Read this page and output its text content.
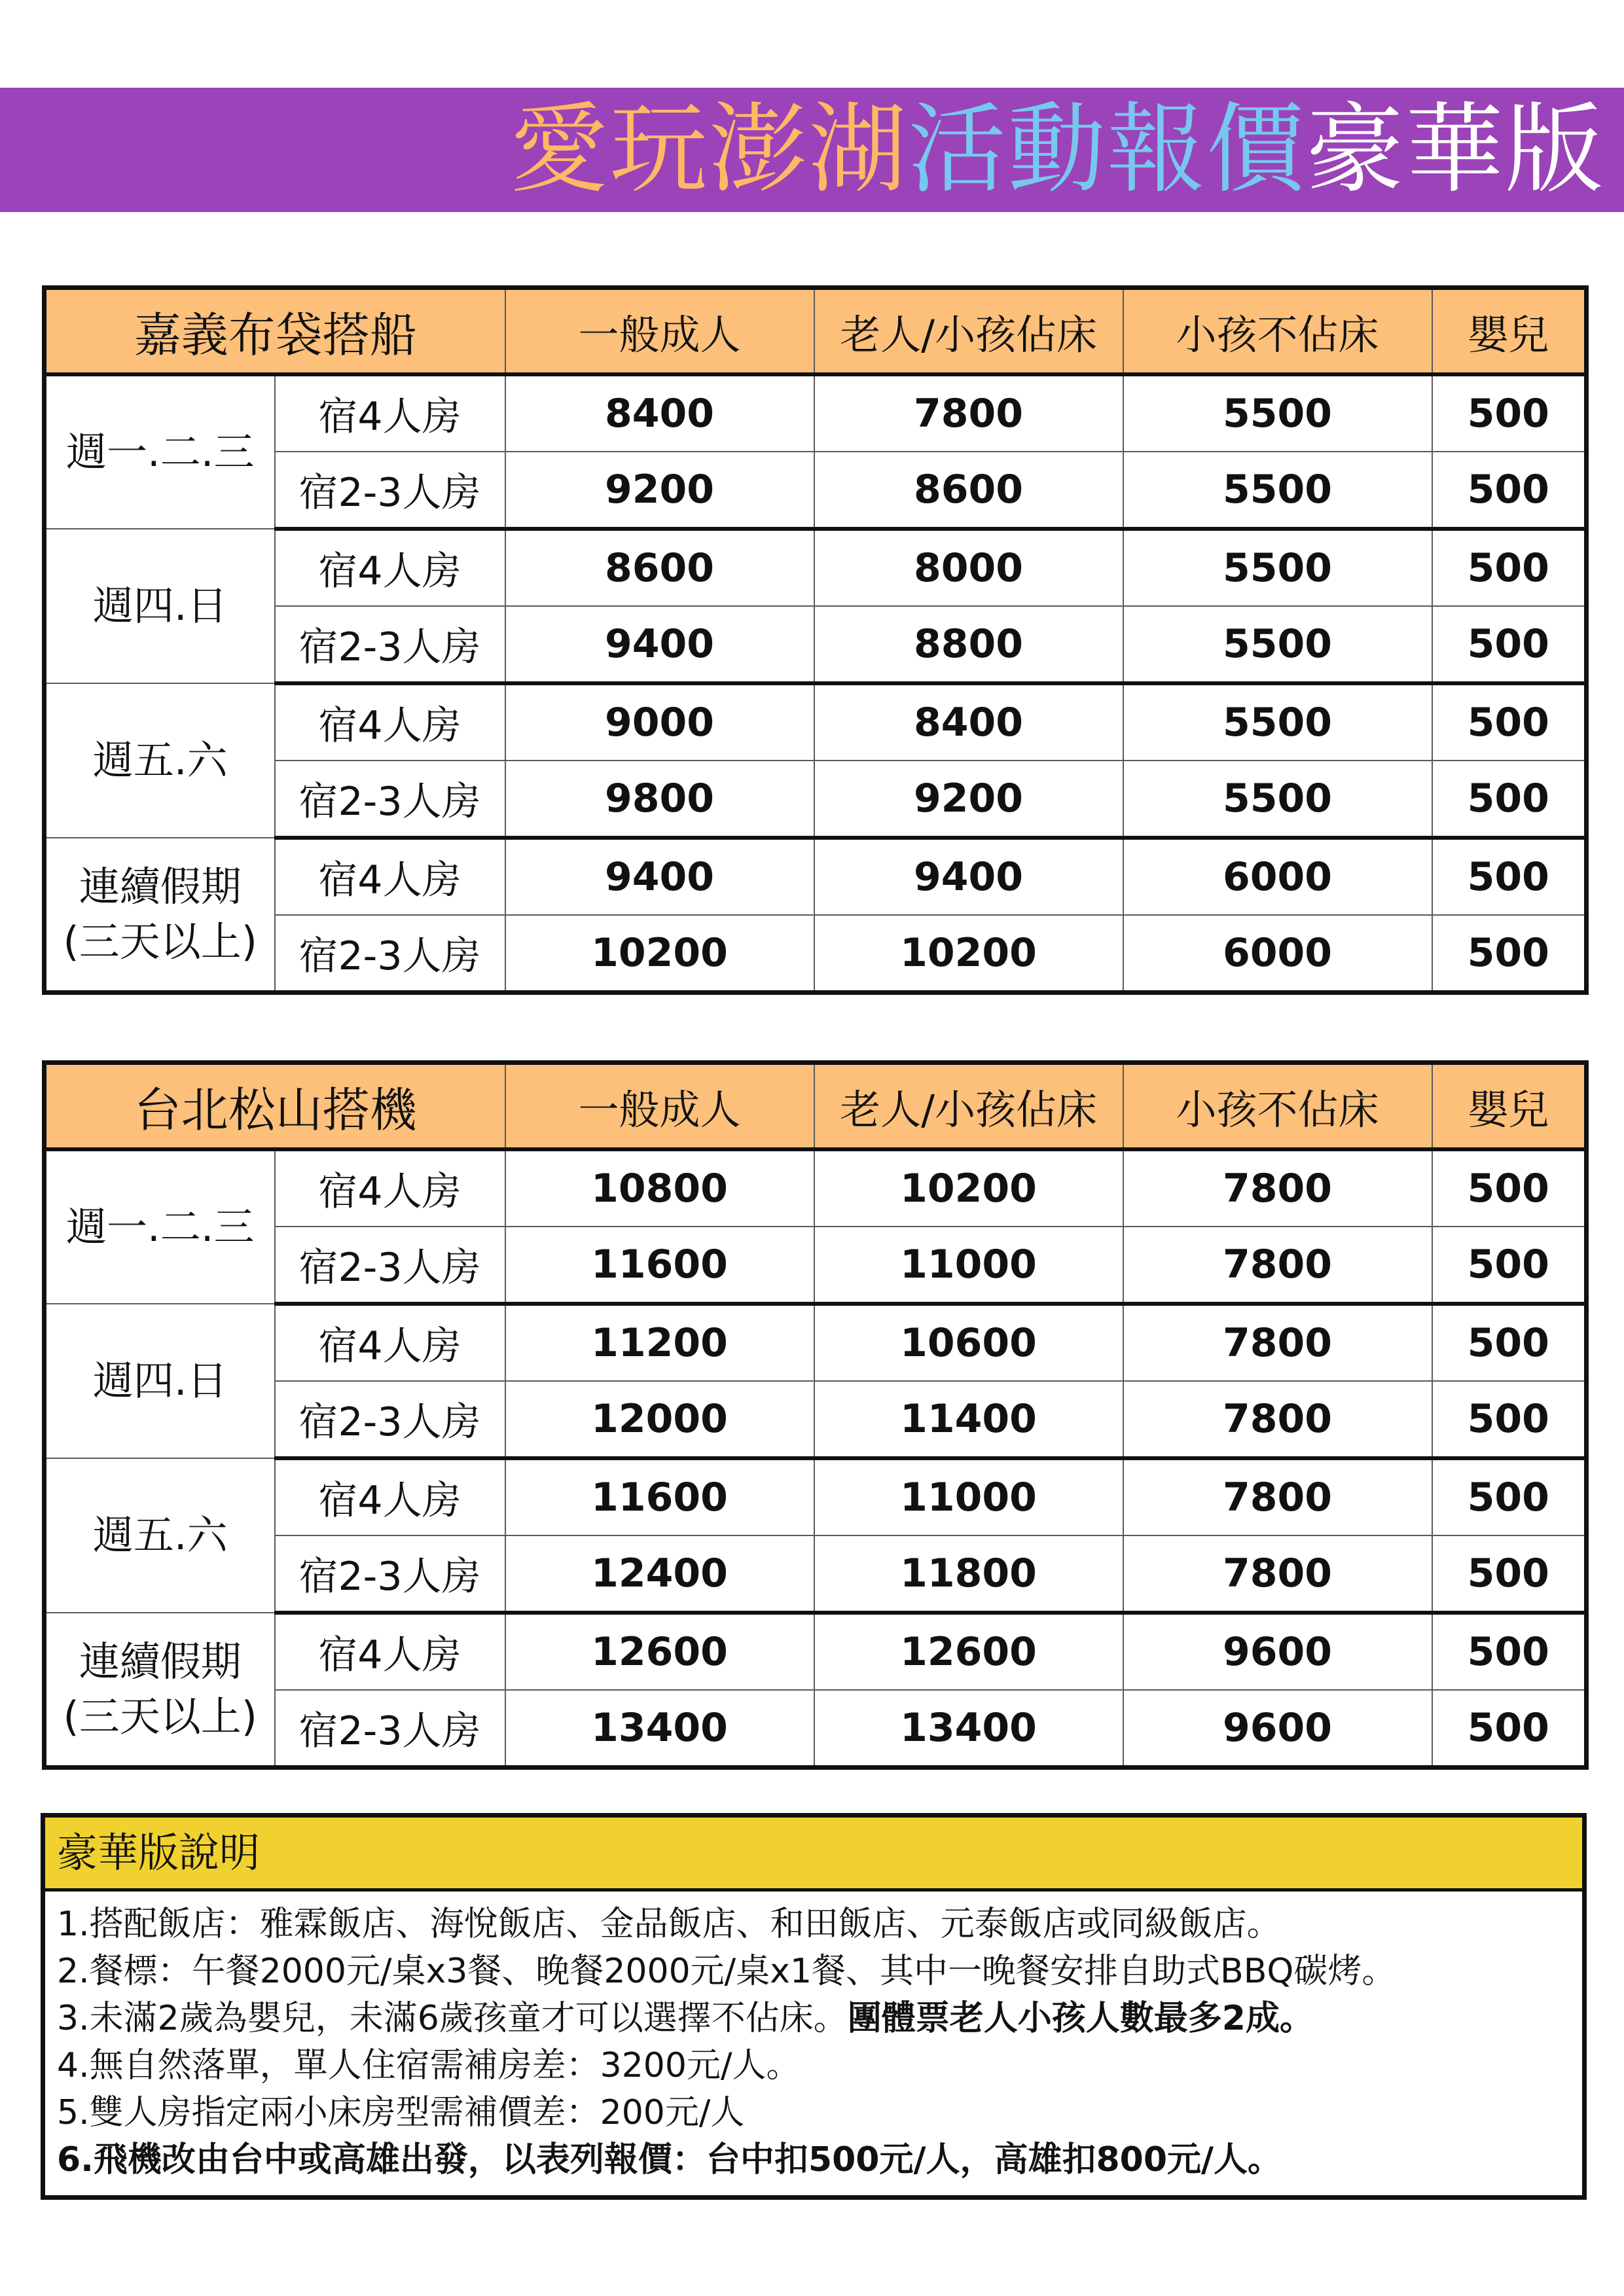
愛玩澎湖活動報價豪華版
嘉義布袋搭船		一般成人	老人/小孩佔床	小孩不佔床	嬰兒

週一.二.三	宿4人房	8400	7800	5500	500
	宿2-3人房	9200	8600	5500	500

週四.日	宿4人房	8600	8000	5500	500
	宿2-3人房	9400	8800	5500	500

週五.六	宿4人房	9000	8400	5500	500
	宿2-3人房	9800	9200	5500	500

連續假期
(三天以上)	宿4人房	9400	9400	6000	500
	宿2-3人房	10200	10200	6000	500
台北松山搭機		一般成人	老人/小孩佔床	小孩不佔床	嬰兒

週一.二.三	宿4人房	10800	10200	7800	500
	宿2-3人房	11600	11000	7800	500

週四.日	宿4人房	11200	10600	7800	500
	宿2-3人房	12000	11400	7800	500

週五.六	宿4人房	11600	11000	7800	500
	宿2-3人房	12400	11800	7800	500

連續假期
(三天以上)	宿4人房	12600	12600	9600	500
	宿2-3人房	13400	13400	9600	500
豪華版說明
1.搭配飯店：雅霖飯店、海悅飯店、金品飯店、和田飯店、元泰飯店或同級飯店。
2.餐標：午餐2000元/桌x3餐、晚餐2000元/桌x1餐、其中一晚餐安排自助式BBQ碳烤。
3.未滿2歲為嬰兒，未滿6歲孩童才可以選擇不佔床。團體票老人小孩人數最多2成。
4.無自然落單，單人住宿需補房差：3200元/人。
5.雙人房指定兩小床房型需補價差：200元/人
6.飛機改由台中或高雄出發，以表列報價：台中扣500元/人，高雄扣800元/人。
